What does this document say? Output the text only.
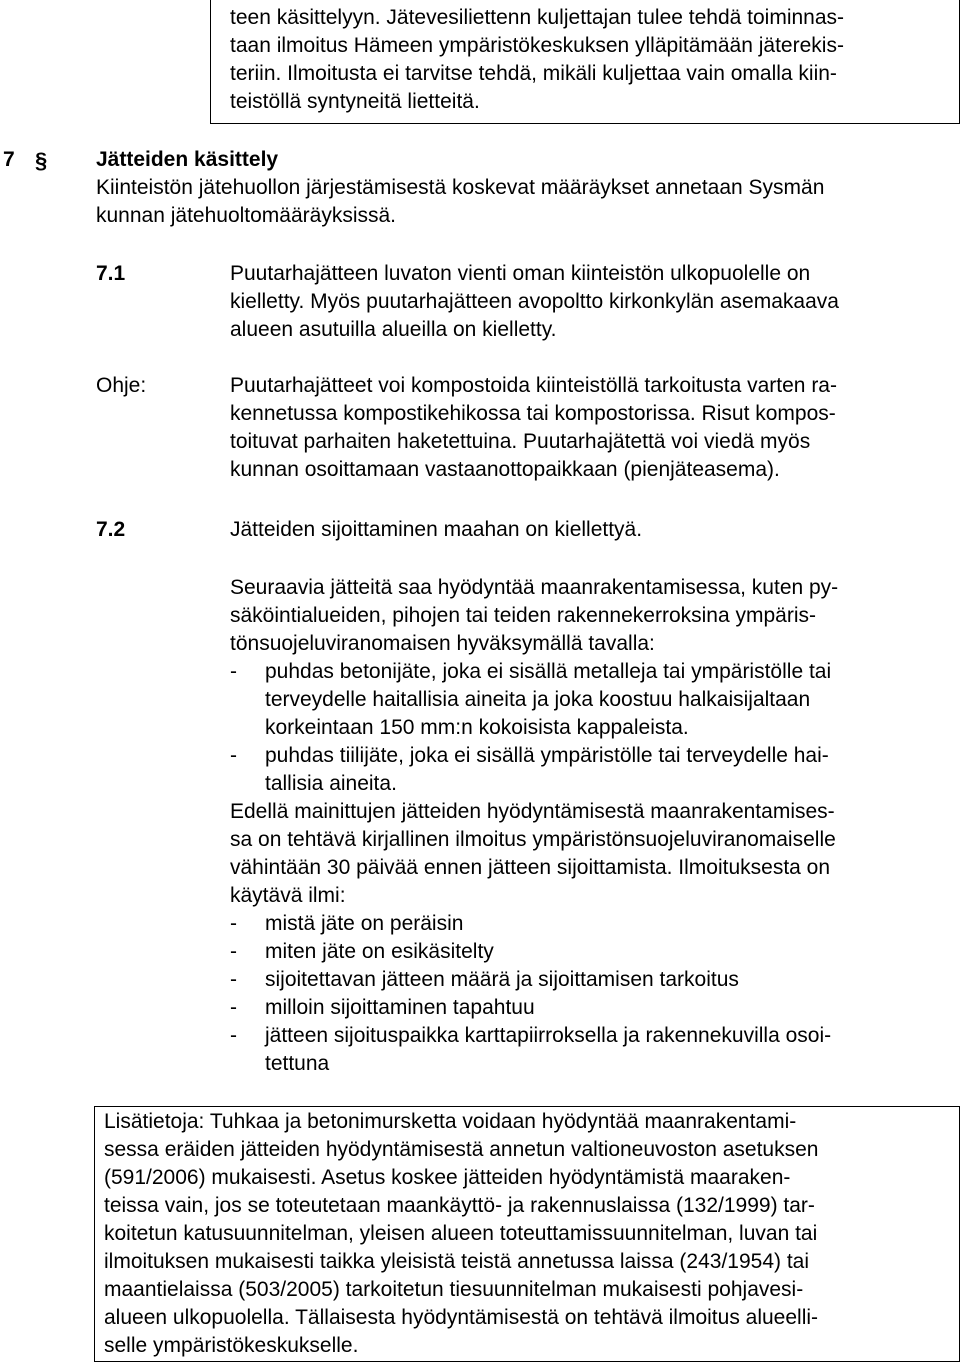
teen käsittelyyn. Jätevesiliettenn kuljettajan tulee tehdä toiminnas-
taan ilmoitus Hämeen ympäristökeskuksen ylläpitämään jäterekis-
teriin. Ilmoitusta ei tarvitse tehdä, mikäli kuljettaa vain omalla kiin-
teistöllä syntyneitä lietteitä.
7 § Jätteiden käsittely
Kiinteistön jätehuollon järjestämisestä koskevat määräykset annetaan Sysmän
kunnan jätehuoltomääräyksissä.
7.1	Puutarhajätteen luvaton vienti oman kiinteistön ulkopuolelle on
kielletty. Myös puutarhajätteen avopoltto kirkonkylän asemakaava
alueen asutuilla alueilla on kielletty.
Ohje:	Puutarhajätteet voi kompostoida kiinteistöllä tarkoitusta varten ra-
kennetussa kompostikehikossa tai kompostorissa. Risut kompos-
toituvat parhaiten haketettuina. Puutarhajätettä voi viedä myös
kunnan osoittamaan vastaanottopaikkaan (pienjäteasema).
7.2	Jätteiden sijoittaminen maahan on kiellettyä.
Seuraavia jätteitä saa hyödyntää maanrakentamisessa, kuten py-
säköintialueiden, pihojen tai teiden rakennekerroksina ympäris-
tönsuojeluviranomaisen hyväksymällä tavalla:
- puhdas betonijäte, joka ei sisällä metalleja tai ympäristölle tai
terveydelle haitallisia aineita ja joka koostuu halkaisijaltaan
korkeintaan 150 mm:n kokoisista kappaleista.
- puhdas tiilijäte, joka ei sisällä ympäristölle tai terveydelle hai-
tallisia aineita.
Edellä mainittujen jätteiden hyödyntämisestä maanrakentamises-
sa on tehtävä kirjallinen ilmoitus ympäristönsuojeluviranomaiselle
vähintään 30 päivää ennen jätteen sijoittamista. Ilmoituksesta on
käytävä ilmi:
- mistä jäte on peräisin
- miten jäte on esikäsitelty
- sijoitettavan jätteen määrä ja sijoittamisen tarkoitus
- milloin sijoittaminen tapahtuu
- jätteen sijoituspaikka karttapiirroksella ja rakennekuvilla osoi-
tettuna
Lisätietoja: Tuhkaa ja betonimursketta voidaan hyödyntää maanrakentami-
sessa eräiden jätteiden hyödyntämisestä annetun valtioneuvoston asetuksen
(591/2006) mukaisesti. Asetus koskee jätteiden hyödyntämistä maaraken-
teissa vain, jos se toteutetaan maankäyttö- ja rakennuslaissa (132/1999) tar-
koitetun katusuunnitelman, yleisen alueen toteuttamissuunnitelman, luvan tai
ilmoituksen mukaisesti taikka yleisistä teistä annetussa laissa (243/1954) tai
maantielaissa (503/2005) tarkoitetun tiesuunnitelman mukaisesti pohjavesi-
alueen ulkopuolella. Tällaisesta hyödyntämisestä on tehtävä ilmoitus alueelli-
selle ympäristökeskukselle.
